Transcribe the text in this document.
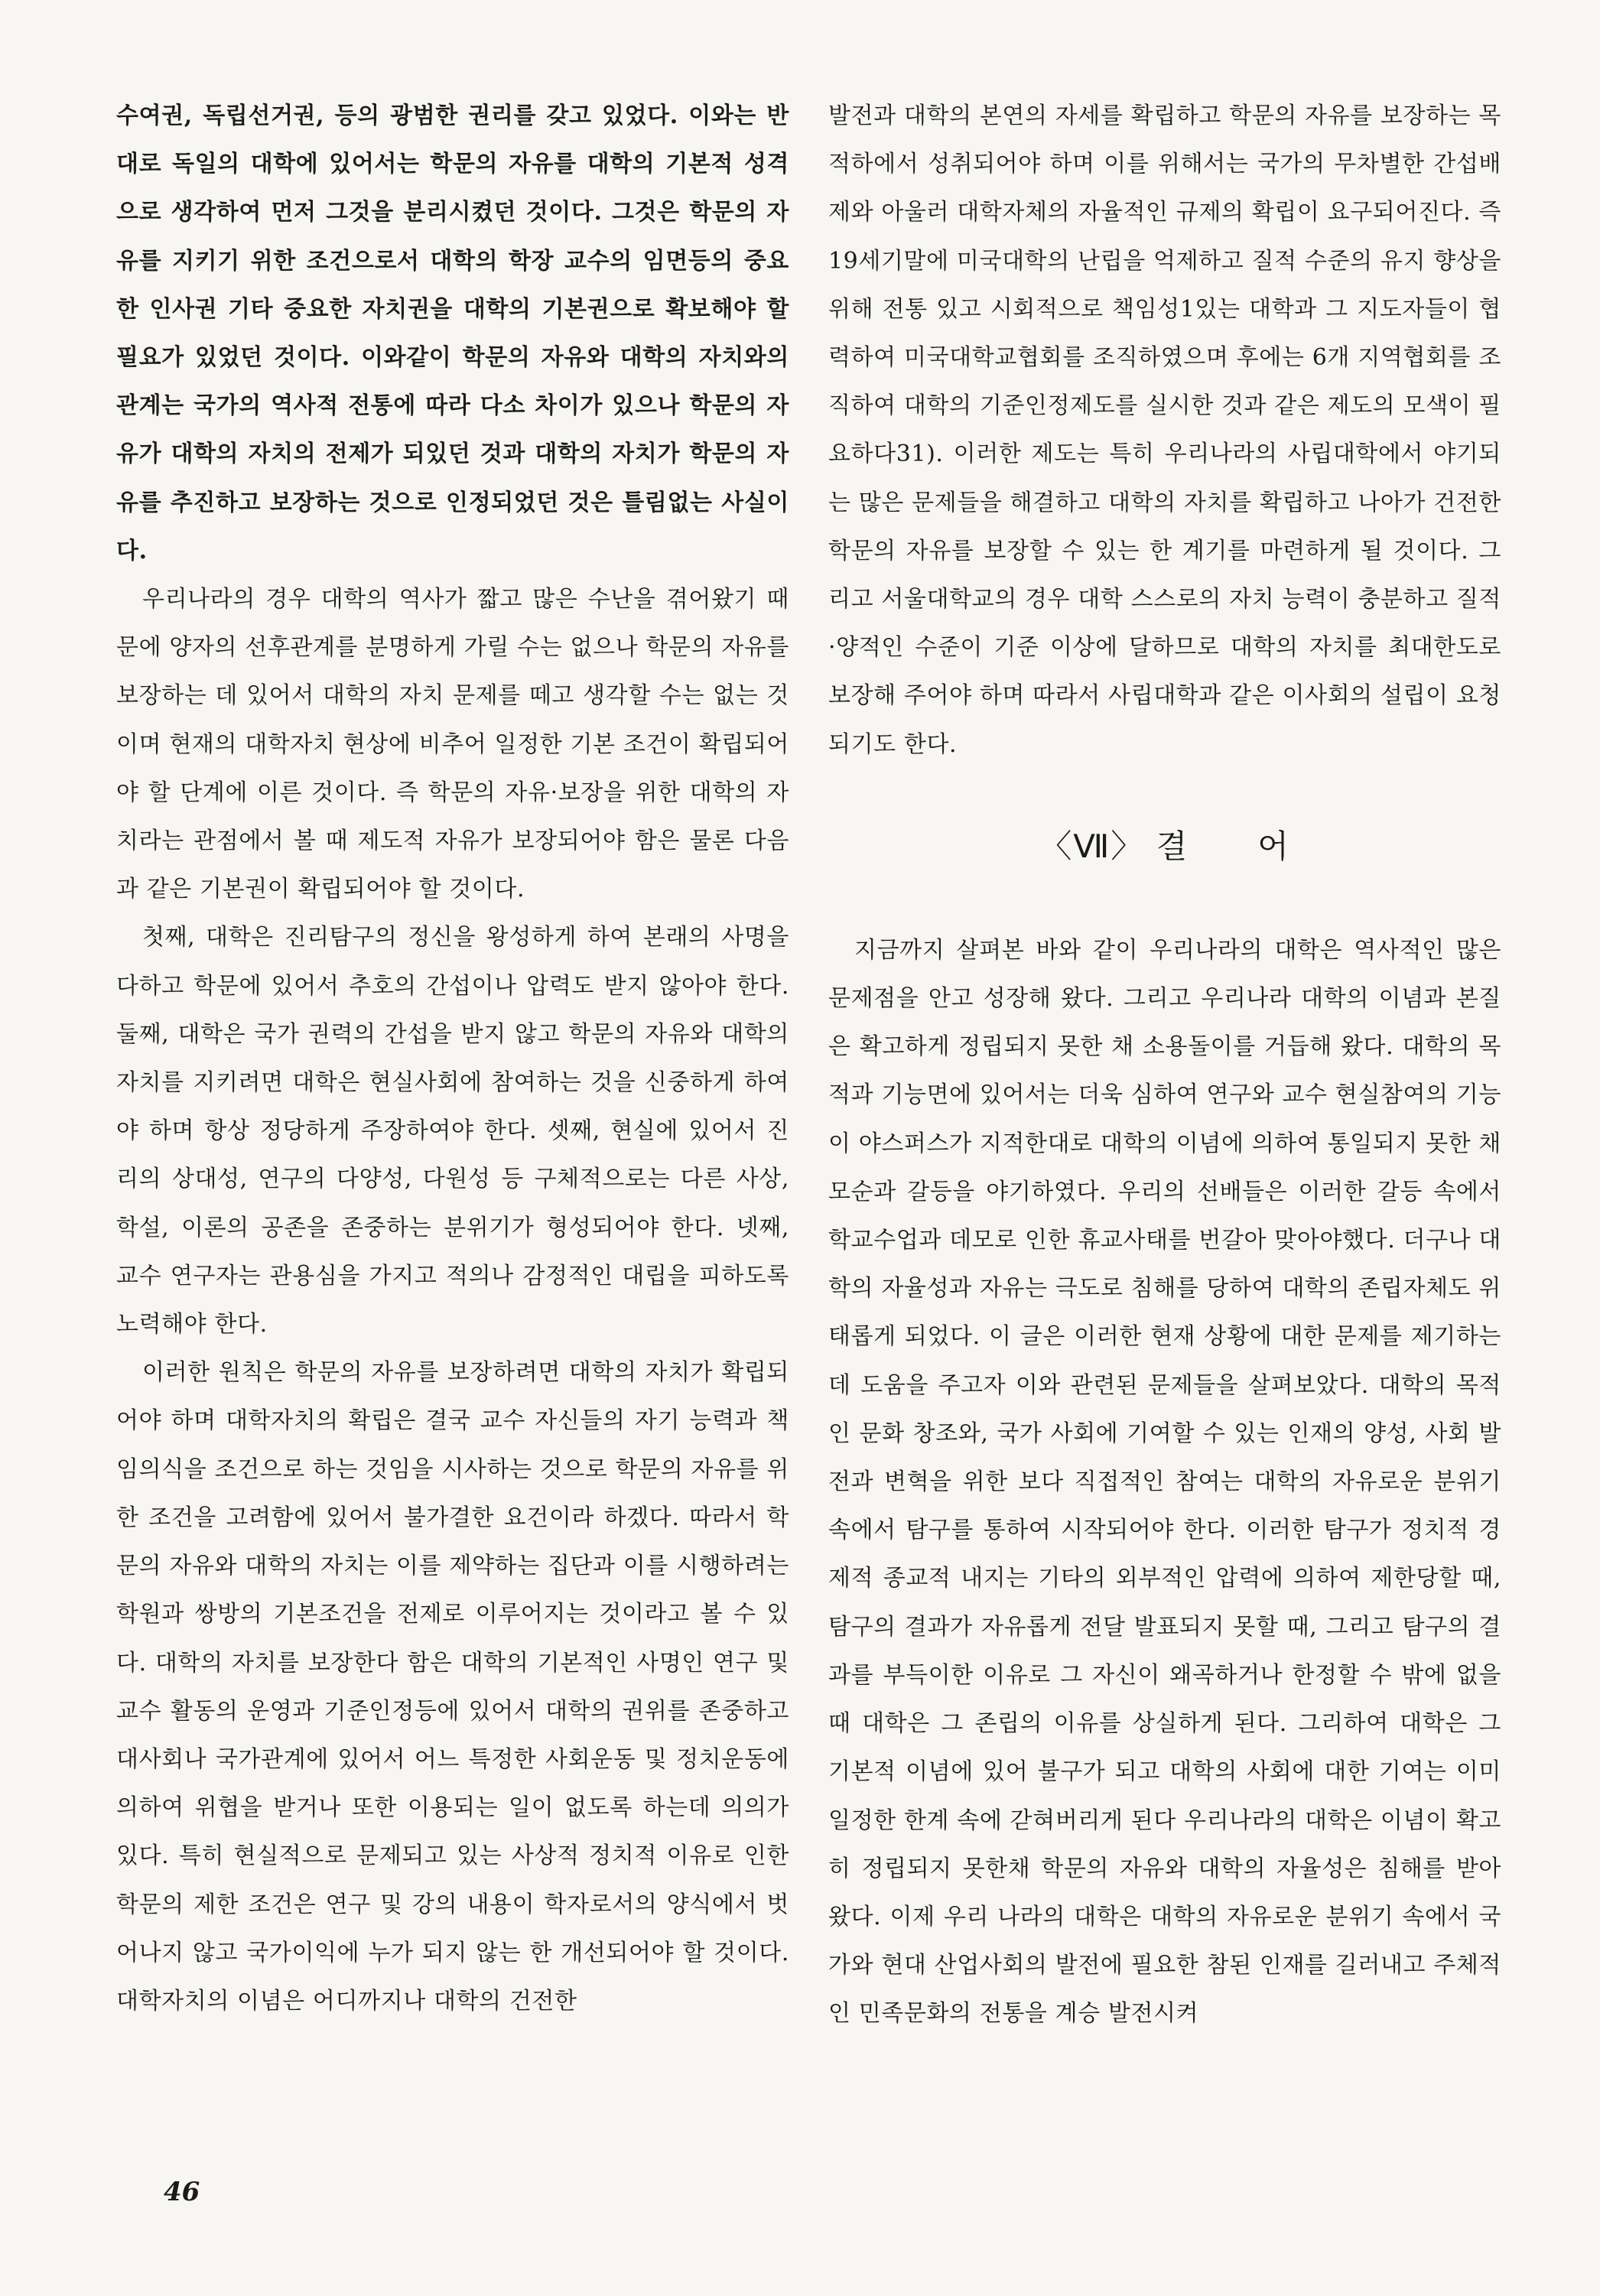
수여권, 독립선거권, 등의 광범한 권리를 갖고 있었다. 이와는 반대로 독일의 대학에 있어서는 학문의 자유를 대학의 기본적 성격으로 생각하여 먼저 그것을 분리시켰던 것이다. 그것은 학문의 자유를 지키기 위한 조건으로서 대학의 학장 교수의 임면등의 중요한 인사권 기타 중요한 자치권을 대학의 기본권으로 확보해야 할 필요가 있었던 것이다. 이와같이 학문의 자유와 대학의 자치와의 관계는 국가의 역사적 전통에 따라 다소 차이가 있으나 학문의 자유가 대학의 자치의 전제가 되있던 것과 대학의 자치가 학문의 자유를 추진하고 보장하는 것으로 인정되었던 것은 틀림없는 사실이다.

우리나라의 경우 대학의 역사가 짧고 많은 수난을 겪어왔기 때문에 양자의 선후관계를 분명하게 가릴 수는 없으나 학문의 자유를 보장하는 데 있어서 대학의 자치 문제를 떼고 생각할 수는 없는 것이며 현재의 대학자치 현상에 비추어 일정한 기본 조건이 확립되어야 할 단계에 이른 것이다. 즉 학문의 자유·보장을 위한 대학의 자치라는 관점에서 볼 때 제도적 자유가 보장되어야 함은 물론 다음과 같은 기본권이 확립되어야 할 것이다.

첫째, 대학은 진리탐구의 정신을 왕성하게 하여 본래의 사명을 다하고 학문에 있어서 추호의 간섭이나 압력도 받지 않아야 한다. 둘째, 대학은 국가 권력의 간섭을 받지 않고 학문의 자유와 대학의 자치를 지키려면 대학은 현실사회에 참여하는 것을 신중하게 하여야 하며 항상 정당하게 주장하여야 한다. 셋째, 현실에 있어서 진리의 상대성, 연구의 다양성, 다원성 등 구체적으로는 다른 사상, 학설, 이론의 공존을 존중하는 분위기가 형성되어야 한다. 넷째, 교수 연구자는 관용심을 가지고 적의나 감정적인 대립을 피하도록 노력해야 한다.

이러한 원칙은 학문의 자유를 보장하려면 대학의 자치가 확립되어야 하며 대학자치의 확립은 결국 교수 자신들의 자기 능력과 책임의식을 조건으로 하는 것임을 시사하는 것으로 학문의 자유를 위한 조건을 고려함에 있어서 불가결한 요건이라 하겠다. 따라서 학문의 자유와 대학의 자치는 이를 제약하는 집단과 이를 시행하려는 학원과 쌍방의 기본조건을 전제로 이루어지는 것이라고 볼 수 있다. 대학의 자치를 보장한다 함은 대학의 기본적인 사명인 연구 및 교수 활동의 운영과 기준인정등에 있어서 대학의 권위를 존중하고 대사회나 국가관계에 있어서 어느 특정한 사회운동 및 정치운동에 의하여 위협을 받거나 또한 이용되는 일이 없도록 하는데 의의가 있다. 특히 현실적으로 문제되고 있는 사상적 정치적 이유로 인한 학문의 제한 조건은 연구 및 강의 내용이 학자로서의 양식에서 벗어나지 않고 국가이익에 누가 되지 않는 한 개선되어야 할 것이다. 대학자치의 이념은 어디까지나 대학의 건전한

발전과 대학의 본연의 자세를 확립하고 학문의 자유를 보장하는 목적하에서 성취되어야 하며 이를 위해서는 국가의 무차별한 간섭배제와 아울러 대학자체의 자율적인 규제의 확립이 요구되어진다. 즉 19세기말에 미국대학의 난립을 억제하고 질적 수준의 유지 향상을 위해 전통 있고 시회적으로 책임성1있는 대학과 그 지도자들이 협력하여 미국대학교협회를 조직하였으며 후에는 6개 지역협회를 조직하여 대학의 기준인정제도를 실시한 것과 같은 제도의 모색이 필요하다31). 이러한 제도는 특히 우리나라의 사립대학에서 야기되는 많은 문제들을 해결하고 대학의 자치를 확립하고 나아가 건전한 학문의 자유를 보장할 수 있는 한 계기를 마련하게 될 것이다. 그리고 서울대학교의 경우 대학 스스로의 자치 능력이 충분하고 질적·양적인 수준이 기준 이상에 달하므로 대학의 자치를 최대한도로 보장해 주어야 하며 따라서 사립대학과 같은 이사회의 설립이 요청되기도 한다.

〈Ⅶ〉 결 어

지금까지 살펴본 바와 같이 우리나라의 대학은 역사적인 많은 문제점을 안고 성장해 왔다. 그리고 우리나라 대학의 이념과 본질은 확고하게 정립되지 못한 채 소용돌이를 거듭해 왔다. 대학의 목적과 기능면에 있어서는 더욱 심하여 연구와 교수 현실참여의 기능이 야스퍼스가 지적한대로 대학의 이념에 의하여 통일되지 못한 채 모순과 갈등을 야기하였다. 우리의 선배들은 이러한 갈등 속에서 학교수업과 데모로 인한 휴교사태를 번갈아 맞아야했다. 더구나 대학의 자율성과 자유는 극도로 침해를 당하여 대학의 존립자체도 위태롭게 되었다. 이 글은 이러한 현재 상황에 대한 문제를 제기하는데 도움을 주고자 이와 관련된 문제들을 살펴보았다. 대학의 목적인 문화 창조와, 국가 사회에 기여할 수 있는 인재의 양성, 사회 발전과 변혁을 위한 보다 직접적인 참여는 대학의 자유로운 분위기 속에서 탐구를 통하여 시작되어야 한다. 이러한 탐구가 정치적 경제적 종교적 내지는 기타의 외부적인 압력에 의하여 제한당할 때, 탐구의 결과가 자유롭게 전달 발표되지 못할 때, 그리고 탐구의 결과를 부득이한 이유로 그 자신이 왜곡하거나 한정할 수 밖에 없을 때 대학은 그 존립의 이유를 상실하게 된다. 그리하여 대학은 그 기본적 이념에 있어 불구가 되고 대학의 사회에 대한 기여는 이미 일정한 한계 속에 갇혀버리게 된다 우리나라의 대학은 이념이 확고히 정립되지 못한채 학문의 자유와 대학의 자율성은 침해를 받아 왔다. 이제 우리 나라의 대학은 대학의 자유로운 분위기 속에서 국가와 현대 산업사회의 발전에 필요한 참된 인재를 길러내고 주체적인 민족문화의 전통을 계승 발전시켜

46
